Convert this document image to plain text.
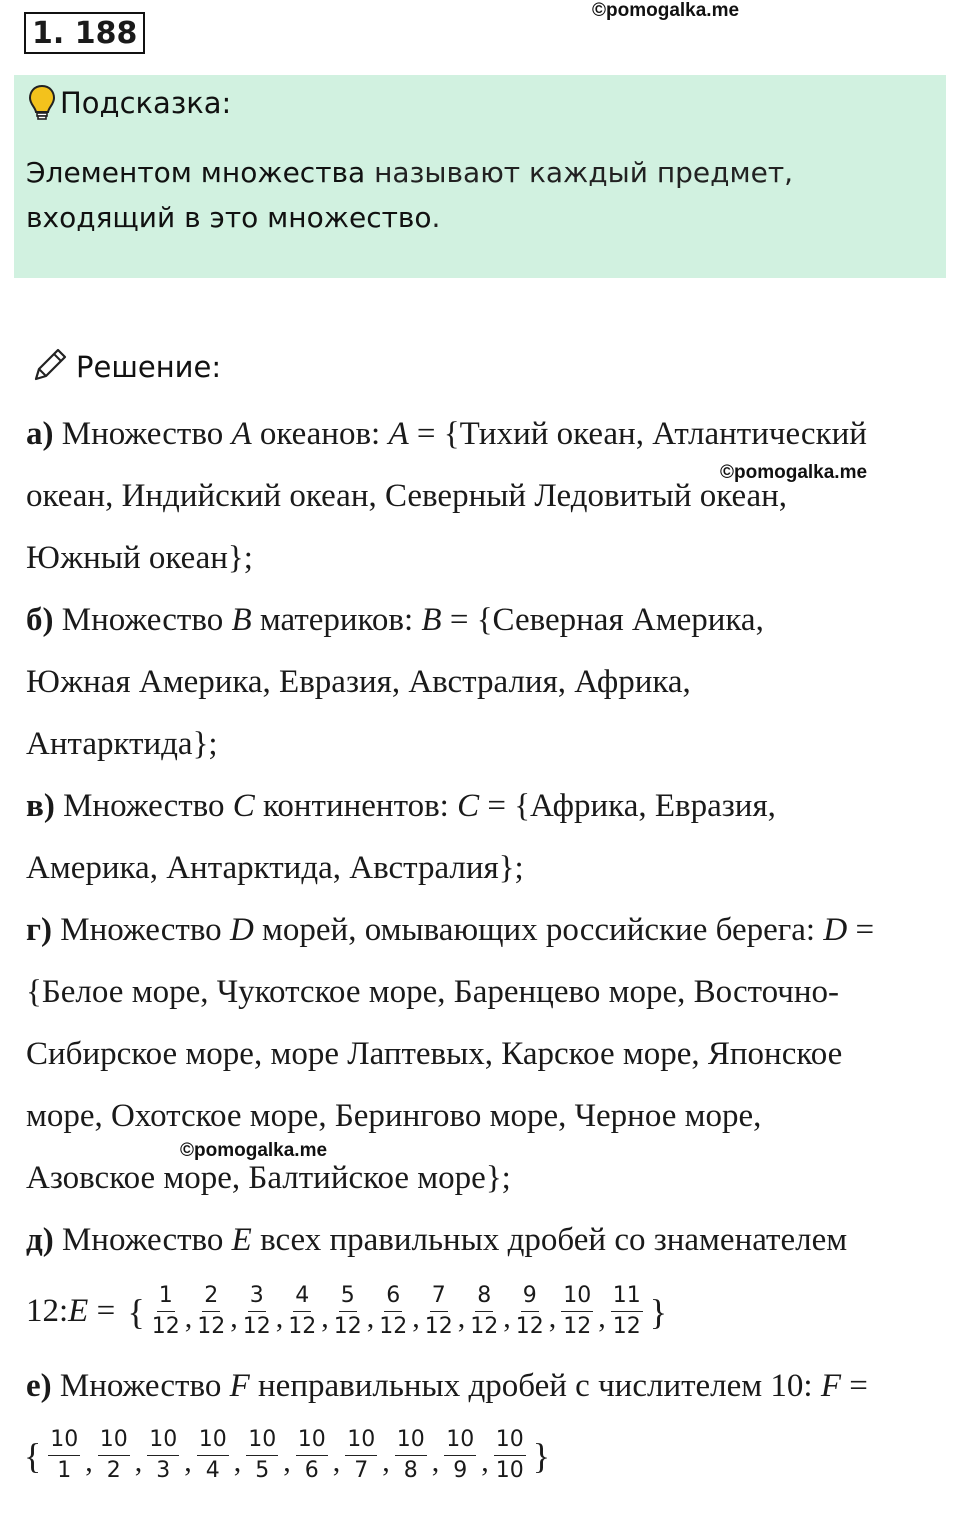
1. 188
©pomogalka.me
Подсказка:
Элементом множества называют каждый предмет,
входящий в это множество.
Решение:
а) Множество A океанов: A = {Тихий океан, Атлантический
©pomogalka.me
океан, Индийский океан, Северный Ледовитый океан,
Южный океан};
б) Множество B материков: B = {Северная Америка,
Южная Америка, Евразия, Австралия, Африка,
Антарктида};
в) Множество C континентов: C = {Африка, Евразия,
Америка, Антарктида, Австралия};
г) Множество D морей, омывающих российские берега: D =
{Белое море, Чукотское море, Баренцево море, Восточно-
Сибирское море, море Лаптевых, Карское море, Японское
море, Охотское море, Берингово море, Черное море,
©pomogalka.me
Азовское море, Балтийское море};
д) Множество E всех правильных дробей со знаменателем
12: E = { $\frac{1}{12}$ , $\frac{2}{12}$ , $\frac{3}{12}$ , $\frac{4}{12}$ , $\frac{5}{12}$ , $\frac{6}{12}$ , $\frac{7}{12}$ , $\frac{8}{12}$ , $\frac{9}{12}$ , $\frac{10}{12}$ , $\frac{11}{12}$ }
е) Множество F неправильных дробей с числителем 10: F =
{ $\frac{10}{1}$ , $\frac{10}{2}$ , $\frac{10}{3}$ , $\frac{10}{4}$ , $\frac{10}{5}$ , $\frac{10}{6}$ , $\frac{10}{7}$ , $\frac{10}{8}$ , $\frac{10}{9}$ , $\frac{10}{10}$ }
